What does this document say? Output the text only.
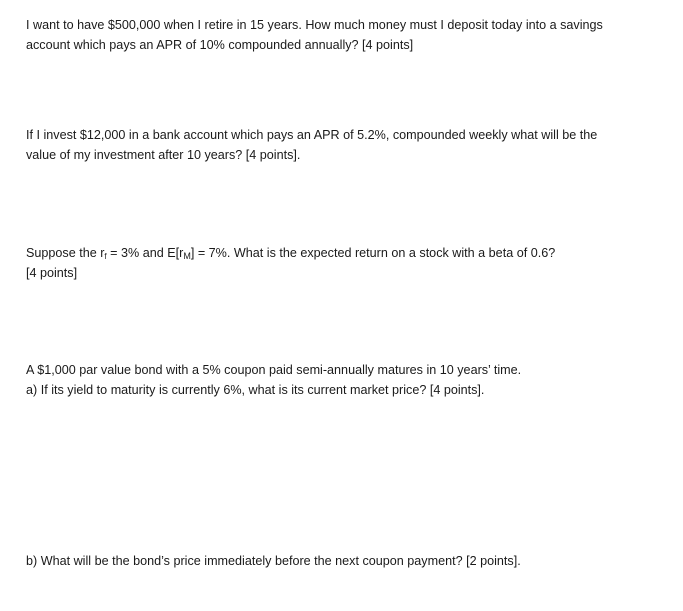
I want to have $500,000 when I retire in 15 years. How much money must I deposit today into a savings

account which pays an APR of 10% compounded annually? [4 points]

If I invest $12,000 in a bank account which pays an APR of 5.2%, compounded weekly what will be the

value of my investment after 10 years? [4 points].

Suppose the $r_f = 3\%$ and $E[r_M] = 7\%$. What is the expected return on a stock with a beta of 0.6?

[4 points]

A $1,000 par value bond with a 5% coupon paid semi-annually matures in 10 years’ time.

a) If its yield to maturity is currently 6%, what is its current market price? [4 points].

b) What will be the bond’s price immediately before the next coupon payment? [2 points].
